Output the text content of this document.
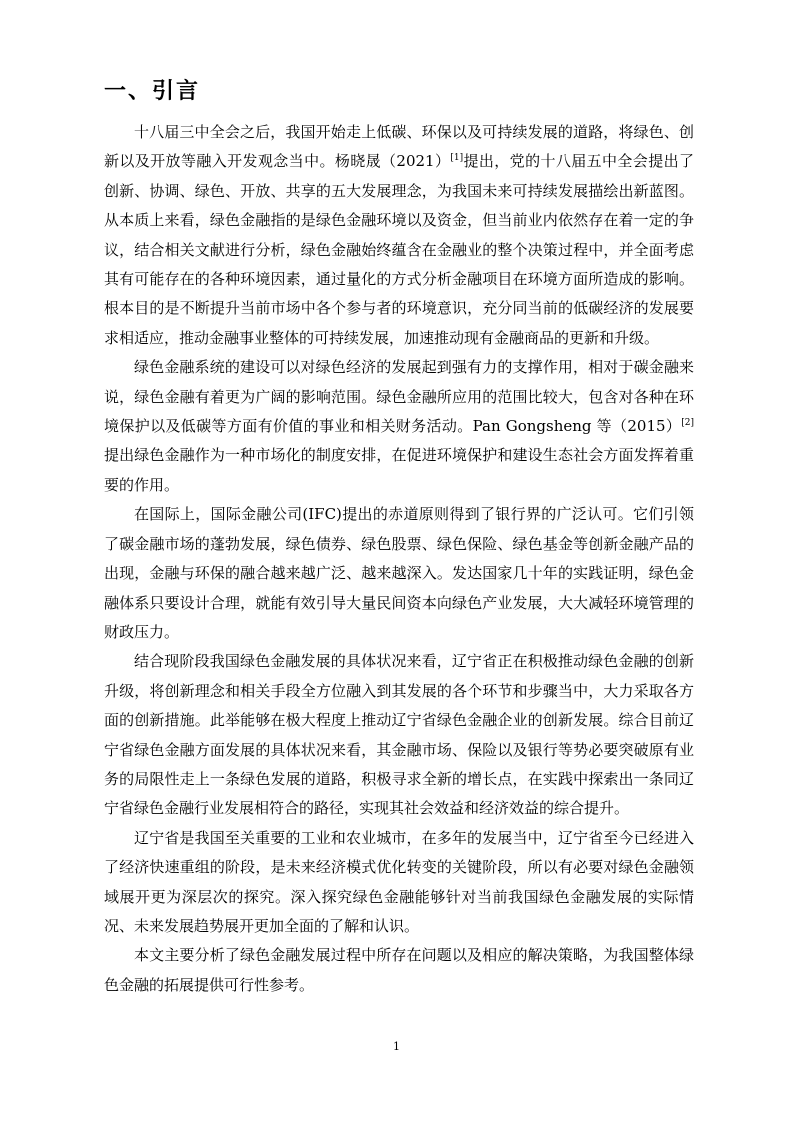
一、引言

十八届三中全会之后，我国开始走上低碳、环保以及可持续发展的道路，将绿色、创新以及开放等融入开发观念当中。杨晓晟（2021）[1]提出，党的十八届五中全会提出了创新、协调、绿色、开放、共享的五大发展理念，为我国未来可持续发展描绘出新蓝图。从本质上来看，绿色金融指的是绿色金融环境以及资金，但当前业内依然存在着一定的争议，结合相关文献进行分析，绿色金融始终蕴含在金融业的整个决策过程中，并全面考虑其有可能存在的各种环境因素，通过量化的方式分析金融项目在环境方面所造成的影响。根本目的是不断提升当前市场中各个参与者的环境意识，充分同当前的低碳经济的发展要求相适应，推动金融事业整体的可持续发展，加速推动现有金融商品的更新和升级。

绿色金融系统的建设可以对绿色经济的发展起到强有力的支撑作用，相对于碳金融来说，绿色金融有着更为广阔的影响范围。绿色金融所应用的范围比较大，包含对各种在环境保护以及低碳等方面有价值的事业和相关财务活动。Pan Gongsheng 等（2015）[2]提出绿色金融作为一种市场化的制度安排，在促进环境保护和建设生态社会方面发挥着重要的作用。

在国际上，国际金融公司(IFC)提出的赤道原则得到了银行界的广泛认可。它们引领了碳金融市场的蓬勃发展，绿色债券、绿色股票、绿色保险、绿色基金等创新金融产品的出现，金融与环保的融合越来越广泛、越来越深入。发达国家几十年的实践证明，绿色金融体系只要设计合理，就能有效引导大量民间资本向绿色产业发展，大大减轻环境管理的财政压力。

结合现阶段我国绿色金融发展的具体状况来看，辽宁省正在积极推动绿色金融的创新升级，将创新理念和相关手段全方位融入到其发展的各个环节和步骤当中，大力采取各方面的创新措施。此举能够在极大程度上推动辽宁省绿色金融企业的创新发展。综合目前辽宁省绿色金融方面发展的具体状况来看，其金融市场、保险以及银行等势必要突破原有业务的局限性走上一条绿色发展的道路，积极寻求全新的增长点，在实践中探索出一条同辽宁省绿色金融行业发展相符合的路径，实现其社会效益和经济效益的综合提升。

辽宁省是我国至关重要的工业和农业城市，在多年的发展当中，辽宁省至今已经进入了经济快速重组的阶段，是未来经济模式优化转变的关键阶段，所以有必要对绿色金融领域展开更为深层次的探究。深入探究绿色金融能够针对当前我国绿色金融发展的实际情况、未来发展趋势展开更加全面的了解和认识。

本文主要分析了绿色金融发展过程中所存在问题以及相应的解决策略，为我国整体绿色金融的拓展提供可行性参考。

1
